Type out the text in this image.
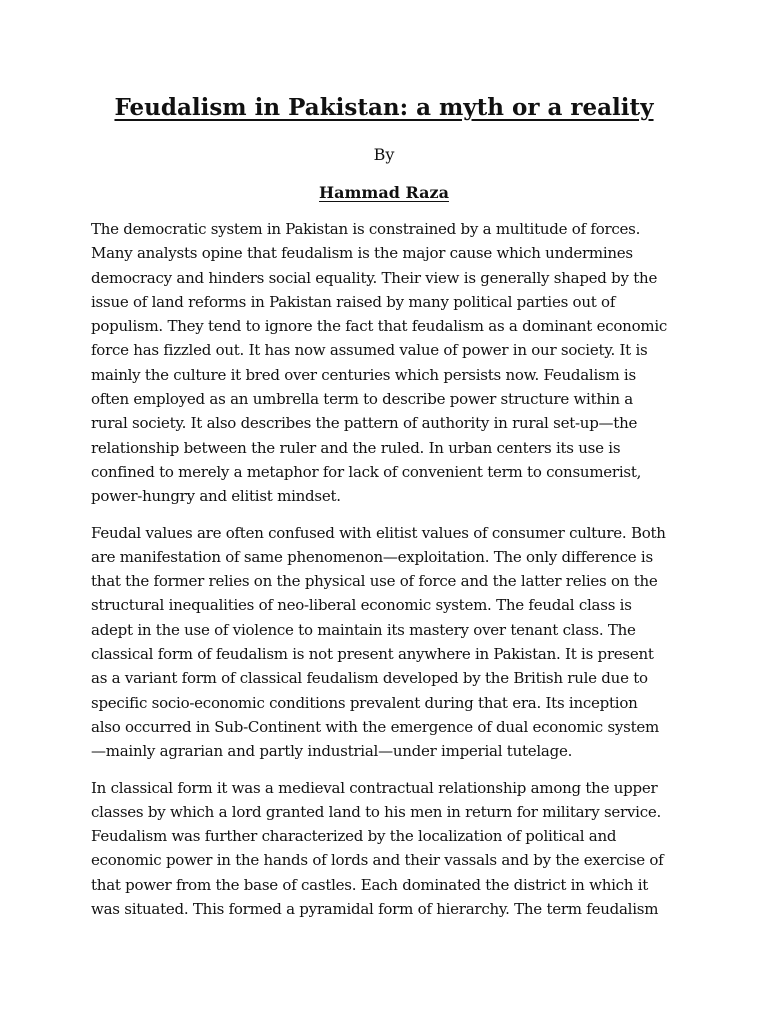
Feudalism in Pakistan: a myth or a reality

By

Hammad Raza

The democratic system in Pakistan is constrained by a multitude of forces.
Many analysts opine that feudalism is the major cause which undermines
democracy and hinders social equality. Their view is generally shaped by the
issue of land reforms in Pakistan raised by many political parties out of
populism. They tend to ignore the fact that feudalism as a dominant economic
force has fizzled out. It has now assumed value of power in our society. It is
mainly the culture it bred over centuries which persists now. Feudalism is
often employed as an umbrella term to describe power structure within a
rural society. It also describes the pattern of authority in rural set-up—the
relationship between the ruler and the ruled. In urban centers its use is
confined to merely a metaphor for lack of convenient term to consumerist,
power-hungry and elitist mindset.

Feudal values are often confused with elitist values of consumer culture. Both
are manifestation of same phenomenon—exploitation. The only difference is
that the former relies on the physical use of force and the latter relies on the
structural inequalities of neo-liberal economic system. The feudal class is
adept in the use of violence to maintain its mastery over tenant class. The
classical form of feudalism is not present anywhere in Pakistan. It is present
as a variant form of classical feudalism developed by the British rule due to
specific socio-economic conditions prevalent during that era. Its inception
also occurred in Sub-Continent with the emergence of dual economic system
—mainly agrarian and partly industrial—under imperial tutelage.

In classical form it was a medieval contractual relationship among the upper
classes by which a lord granted land to his men in return for military service.
Feudalism was further characterized by the localization of political and
economic power in the hands of lords and their vassals and by the exercise of
that power from the base of castles. Each dominated the district in which it
was situated. This formed a pyramidal form of hierarchy. The term feudalism
